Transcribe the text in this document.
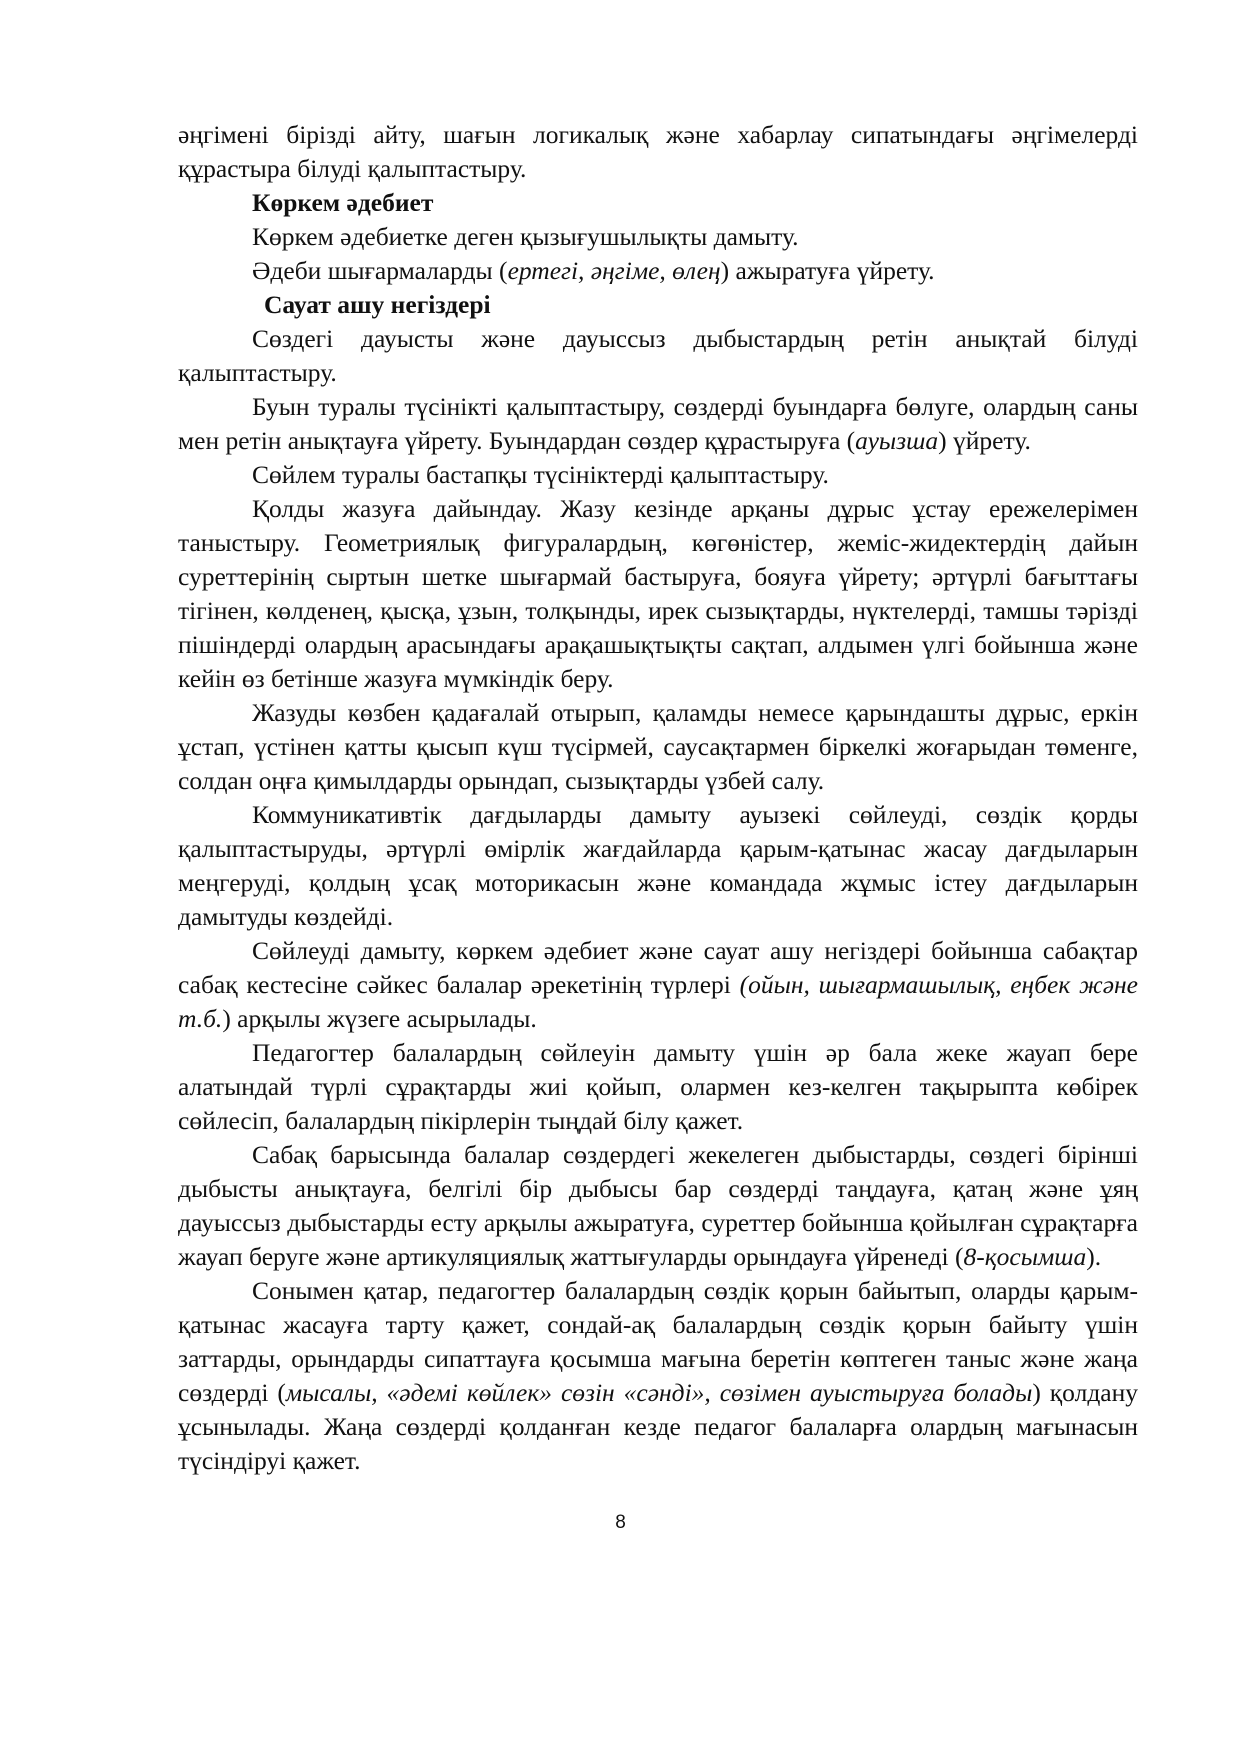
әңгімені бірізді айту, шағын логикалық және хабарлау сипатындағы әңгімелерді құрастыра білуді қалыптастыру.

Көркем әдебиет

Көркем әдебиетке деген қызығушылықты дамыту.

Әдеби шығармаларды (ертегі, әңгіме, өлең) ажыратуға үйрету.

Сауат ашу негіздері

Сөздегі дауысты және дауыссыз дыбыстардың ретін анықтай білуді қалыптастыру.

Буын туралы түсінікті қалыптастыру, сөздерді буындарға бөлуге, олардың саны мен ретін анықтауға үйрету. Буындардан сөздер құрастыруға (ауызша) үйрету.

Сөйлем туралы бастапқы түсініктерді қалыптастыру.

Қолды жазуға дайындау. Жазу кезінде арқаны дұрыс ұстау ережелерімен таныстыру. Геометриялық фигуралардың, көгөністер, жеміс-жидектердің дайын суреттерінің сыртын шетке шығармай бастыруға, бояуға үйрету; әртүрлі бағыттағы тігінен, көлденең, қысқа, ұзын, толқынды, ирек сызықтарды, нүктелерді, тамшы тәрізді пішіндерді олардың арасындағы арақашықтықты сақтап, алдымен үлгі бойынша және кейін өз бетінше жазуға мүмкіндік беру.

Жазуды көзбен қадағалай отырып, қаламды немесе қарындашты дұрыс, еркін ұстап, үстінен қатты қысып күш түсірмей, саусақтармен біркелкі жоғарыдан төменге, солдан оңға қимылдарды орындап, сызықтарды үзбей салу.

Коммуникативтік дағдыларды дамыту ауызекі сөйлеуді, сөздік қорды қалыптастыруды, әртүрлі өмірлік жағдайларда қарым-қатынас жасау дағдыларын меңгеруді, қолдың ұсақ моторикасын және командада жұмыс істеу дағдыларын дамытуды көздейді.

Сөйлеуді дамыту, көркем әдебиет және сауат ашу негіздері бойынша сабақтар сабақ кестесіне сәйкес балалар әрекетінің түрлері (ойын, шығармашылық, еңбек және т.б.) арқылы жүзеге асырылады.

Педагогтер балалардың сөйлеуін дамыту үшін әр бала жеке жауап бере алатындай түрлі сұрақтарды жиі қойып, олармен кез-келген тақырыпта көбірек сөйлесіп, балалардың пікірлерін тыңдай білу қажет.

Сабақ барысында балалар сөздердегі жекелеген дыбыстарды, сөздегі бірінші дыбысты анықтауға, белгілі бір дыбысы бар сөздерді таңдауға, қатаң және ұяң дауыссыз дыбыстарды есту арқылы ажыратуға, суреттер бойынша қойылған сұрақтарға жауап беруге және артикуляциялық жаттығуларды орындауға үйренеді (8-қосымша).

Сонымен қатар, педагогтер балалардың сөздік қорын байытып, оларды қарым-қатынас жасауға тарту қажет, сондай-ақ балалардың сөздік қорын байыту үшін заттарды, орындарды сипаттауға қосымша мағына беретін көптеген таныс және жаңа сөздерді (мысалы, «әдемі көйлек» сөзін «сәнді», сөзімен ауыстыруға болады) қолдану ұсынылады. Жаңа сөздерді қолданған кезде педагог балаларға олардың мағынасын түсіндіруі қажет.

8
